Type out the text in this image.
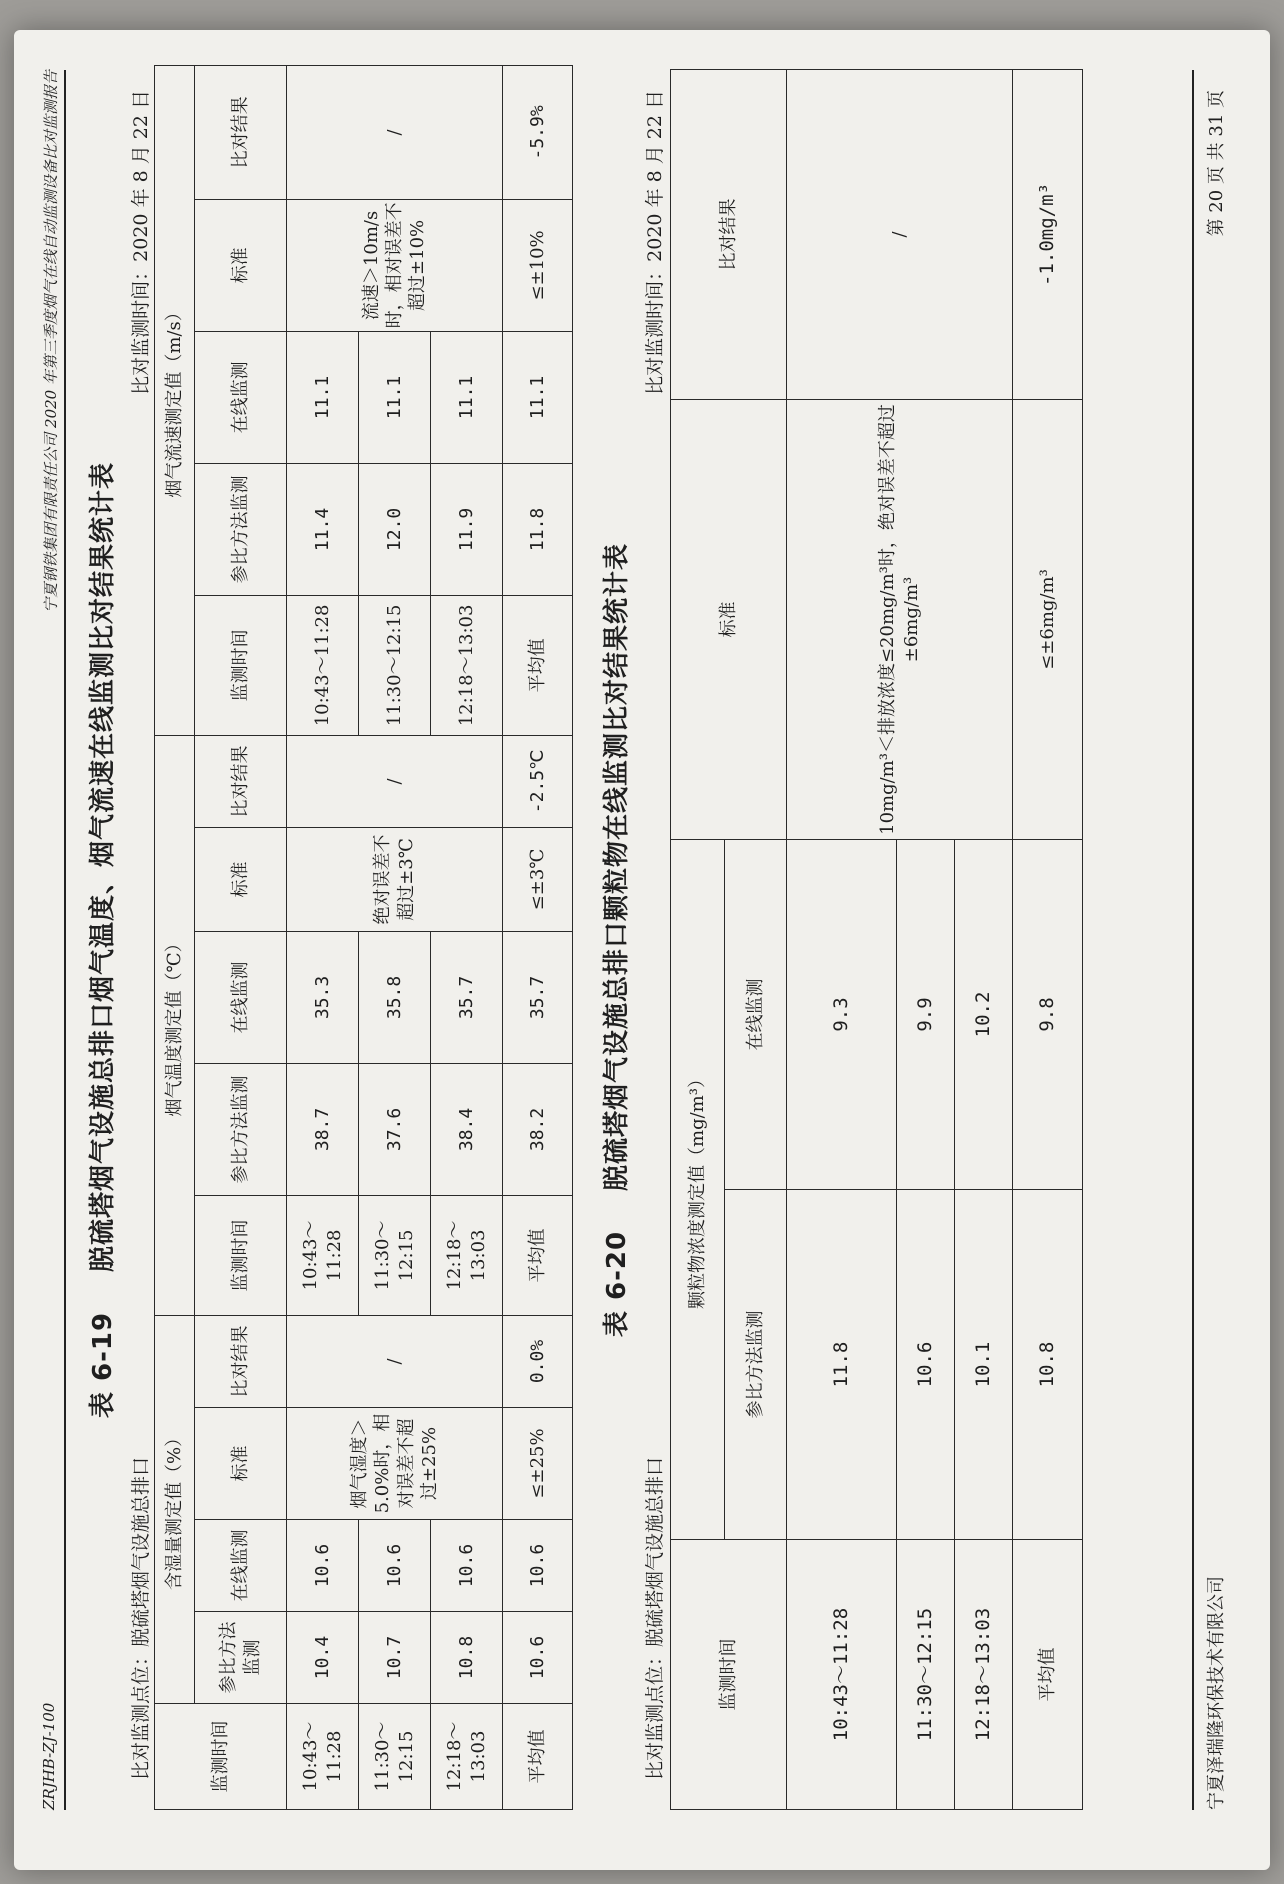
ZRJHB-ZJ-100
宁夏钢铁集团有限责任公司 2020 年第三季度烟气在线自动监测设备比对监测报告
表 6-19脱硫塔烟气设施总排口烟气温度、烟气流速在线监测比对结果统计表
比对监测点位：脱硫塔烟气设施总排口
比对监测时间：2020 年 8 月 22 日
监测时间	含湿量测定值（%）				烟气温度测定值（℃）					烟气流速测定值（m/s）				
	参比方法监测	在线监测	标准	比对结果	监测时间	参比方法监测	在线监测	标准	比对结果	监测时间	参比方法监测	在线监测	标准	比对结果
10:43～11:28	10.4	10.6	烟气湿度＞5.0%时，相对误差不超过±25%	/	10:43～11:28	38.7	35.3	绝对误差不超过±3℃	/	10:43～11:28	11.4	11.1	流速＞10m/s时，相对误差不超过±10%	/
11:30～12:15	10.7	10.6			11:30～12:15	37.6	35.8			11:30～12:15	12.0	11.1		
12:18～13:03	10.8	10.6			12:18～13:03	38.4	35.7			12:18～13:03	11.9	11.1		
平均值	10.6	10.6	≤±25%	0.0%	平均值	38.2	35.7	≤±3℃	-2.5℃	平均值	11.8	11.1	≤±10%	-5.9%
表 6-20脱硫塔烟气设施总排口颗粒物在线监测比对结果统计表
比对监测点位：脱硫塔烟气设施总排口
比对监测时间：2020 年 8 月 22 日
监测时间	颗粒物浓度测定值（mg/m³）		标准	比对结果
	参比方法监测	在线监测		
10:43～11:28	11.8	9.3	10mg/m³＜排放浓度≤20mg/m³时，绝对误差不超过±6mg/m³	/
11:30～12:15	10.6	9.9		
12:18～13:03	10.1	10.2		
平均值	10.8	9.8	≤±6mg/m³	-1.0mg/m³
宁夏泽瑞隆环保技术有限公司
第 20 页 共 31 页
